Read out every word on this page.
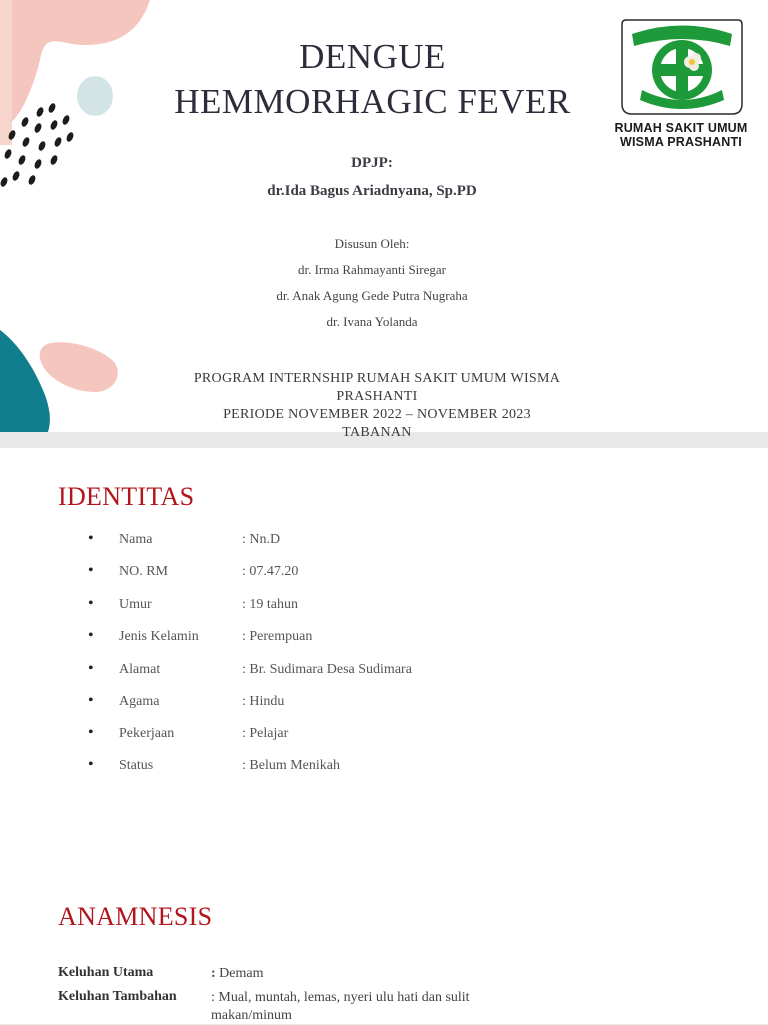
DENGUE
HEMMORHAGIC FEVER
DPJP:
dr.Ida Bagus Ariadnyana, Sp.PD
Disusun Oleh:
dr. Irma Rahmayanti Siregar
dr. Anak Agung Gede Putra Nugraha
dr. Ivana Yolanda
PROGRAM INTERNSHIP RUMAH SAKIT UMUM WISMA
PRASHANTI
PERIODE NOVEMBER 2022 – NOVEMBER 2023
TABANAN
RUMAH SAKIT UMUM
WISMA PRASHANTI
IDENTITAS
• Nama	: Nn.D
• NO. RM	: 07.47.20
• Umur	: 19 tahun
• Jenis Kelamin	: Perempuan
• Alamat	: Br. Sudimara Desa Sudimara
• Agama	: Hindu
• Pekerjaan	: Pelajar
• Status	: Belum Menikah
ANAMNESIS
Keluhan Utama	: Demam
Keluhan Tambahan : Mual, muntah, lemas, nyeri ulu hati dan sulit makan/minum
